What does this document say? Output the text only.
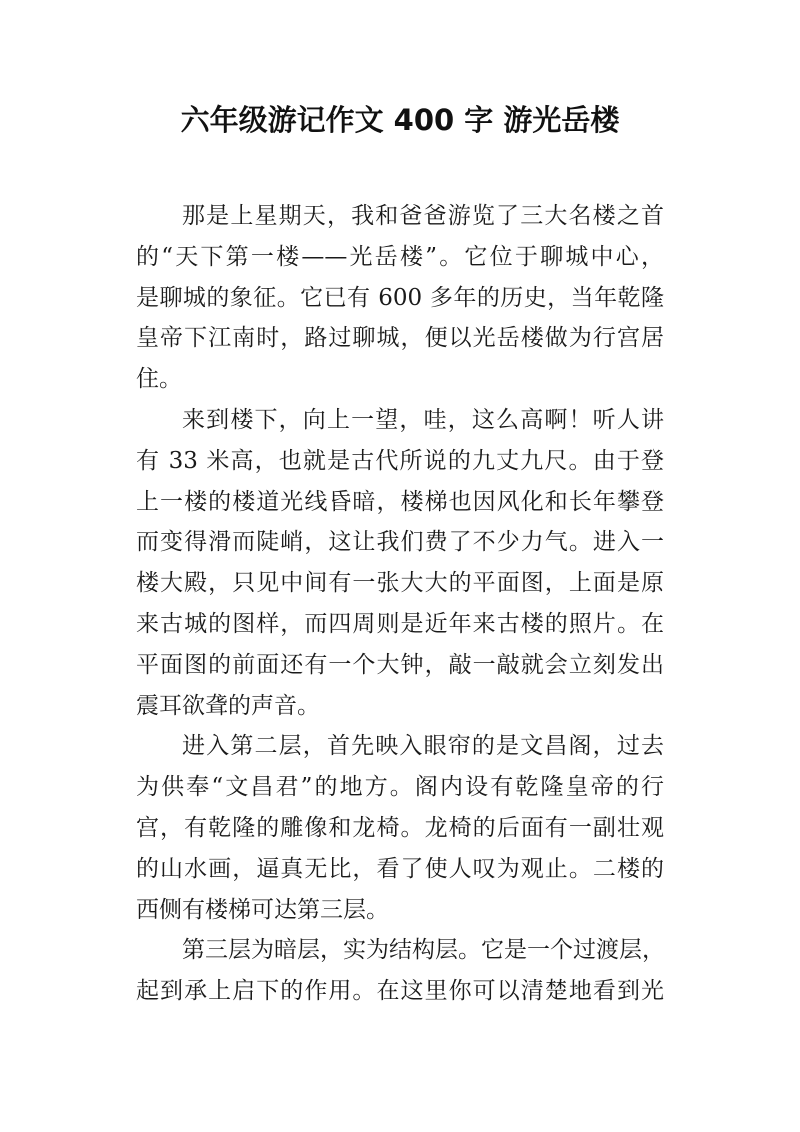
六年级游记作文 400 字 游光岳楼
那是上星期天，我和爸爸游览了三大名楼之首
的“天下第一楼——光岳楼”。它位于聊城中心，
是聊城的象征。它已有 600 多年的历史，当年乾隆
皇帝下江南时，路过聊城，便以光岳楼做为行宫居
住。
来到楼下，向上一望，哇，这么高啊！听人讲
有 33 米高，也就是古代所说的九丈九尺。由于登
上一楼的楼道光线昏暗，楼梯也因风化和长年攀登
而变得滑而陡峭，这让我们费了不少力气。进入一
楼大殿，只见中间有一张大大的平面图，上面是原
来古城的图样，而四周则是近年来古楼的照片。在
平面图的前面还有一个大钟，敲一敲就会立刻发出
震耳欲聋的声音。
进入第二层，首先映入眼帘的是文昌阁，过去
为供奉“文昌君”的地方。阁内设有乾隆皇帝的行
宫，有乾隆的雕像和龙椅。龙椅的后面有一副壮观
的山水画，逼真无比，看了使人叹为观止。二楼的
西侧有楼梯可达第三层。
第三层为暗层，实为结构层。它是一个过渡层，
起到承上启下的作用。在这里你可以清楚地看到光
